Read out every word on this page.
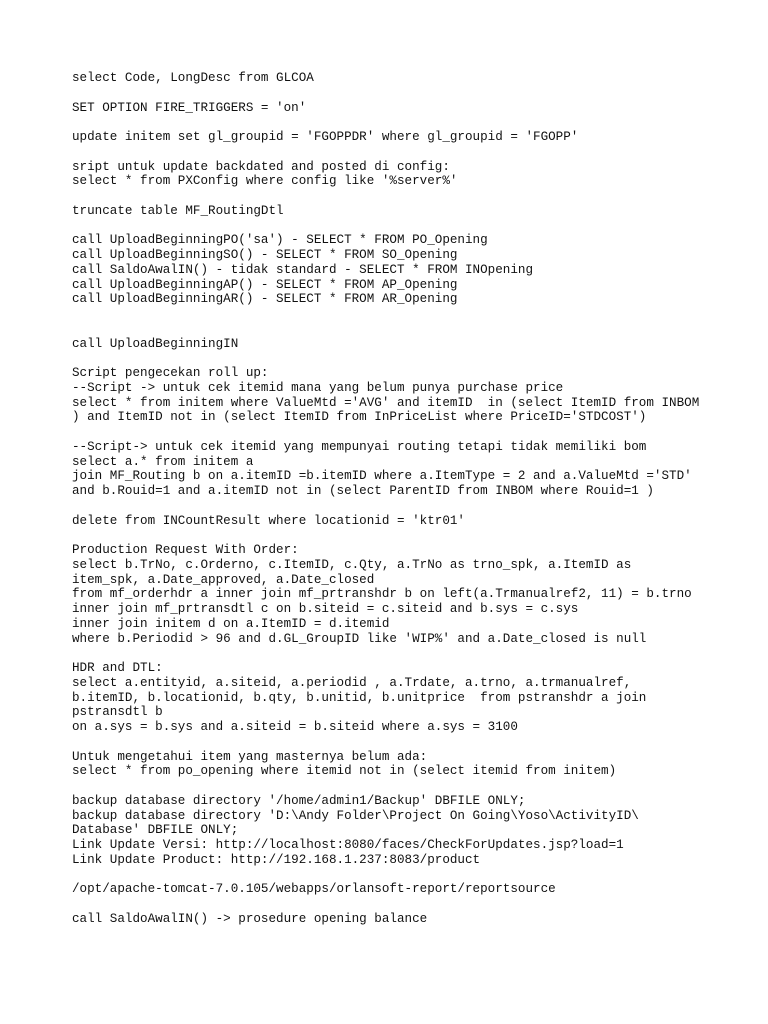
select Code, LongDesc from GLCOA
SET OPTION FIRE_TRIGGERS = 'on'
update initem set gl_groupid = 'FGOPPDR' where gl_groupid = 'FGOPP'
sript untuk update backdated and posted di config:
select * from PXConfig where config like '%server%'
truncate table MF_RoutingDtl
call UploadBeginningPO('sa') - SELECT * FROM PO_Opening
call UploadBeginningSO() - SELECT * FROM SO_Opening
call SaldoAwalIN() - tidak standard - SELECT * FROM INOpening
call UploadBeginningAP() - SELECT * FROM AP_Opening
call UploadBeginningAR() - SELECT * FROM AR_Opening
call UploadBeginningIN
Script pengecekan roll up:
--Script -> untuk cek itemid mana yang belum punya purchase price
select * from initem where ValueMtd ='AVG' and itemID  in (select ItemID from INBOM
) and ItemID not in (select ItemID from InPriceList where PriceID='STDCOST')
--Script-> untuk cek itemid yang mempunyai routing tetapi tidak memiliki bom
select a.* from initem a
join MF_Routing b on a.itemID =b.itemID where a.ItemType = 2 and a.ValueMtd ='STD'
and b.Rouid=1 and a.itemID not in (select ParentID from INBOM where Rouid=1 )
delete from INCountResult where locationid = 'ktr01'
Production Request With Order:
select b.TrNo, c.Orderno, c.ItemID, c.Qty, a.TrNo as trno_spk, a.ItemID as
item_spk, a.Date_approved, a.Date_closed
from mf_orderhdr a inner join mf_prtranshdr b on left(a.Trmanualref2, 11) = b.trno
inner join mf_prtransdtl c on b.siteid = c.siteid and b.sys = c.sys
inner join initem d on a.ItemID = d.itemid
where b.Periodid > 96 and d.GL_GroupID like 'WIP%' and a.Date_closed is null
HDR and DTL:
select a.entityid, a.siteid, a.periodid , a.Trdate, a.trno, a.trmanualref,
b.itemID, b.locationid, b.qty, b.unitid, b.unitprice  from pstranshdr a join
pstransdtl b
on a.sys = b.sys and a.siteid = b.siteid where a.sys = 3100
Untuk mengetahui item yang masternya belum ada:
select * from po_opening where itemid not in (select itemid from initem)
backup database directory '/home/admin1/Backup' DBFILE ONLY;
backup database directory 'D:\Andy Folder\Project On Going\Yoso\ActivityID\
Database' DBFILE ONLY;
Link Update Versi: http://localhost:8080/faces/CheckForUpdates.jsp?load=1
Link Update Product: http://192.168.1.237:8083/product
/opt/apache-tomcat-7.0.105/webapps/orlansoft-report/reportsource
call SaldoAwalIN() -> prosedure opening balance
